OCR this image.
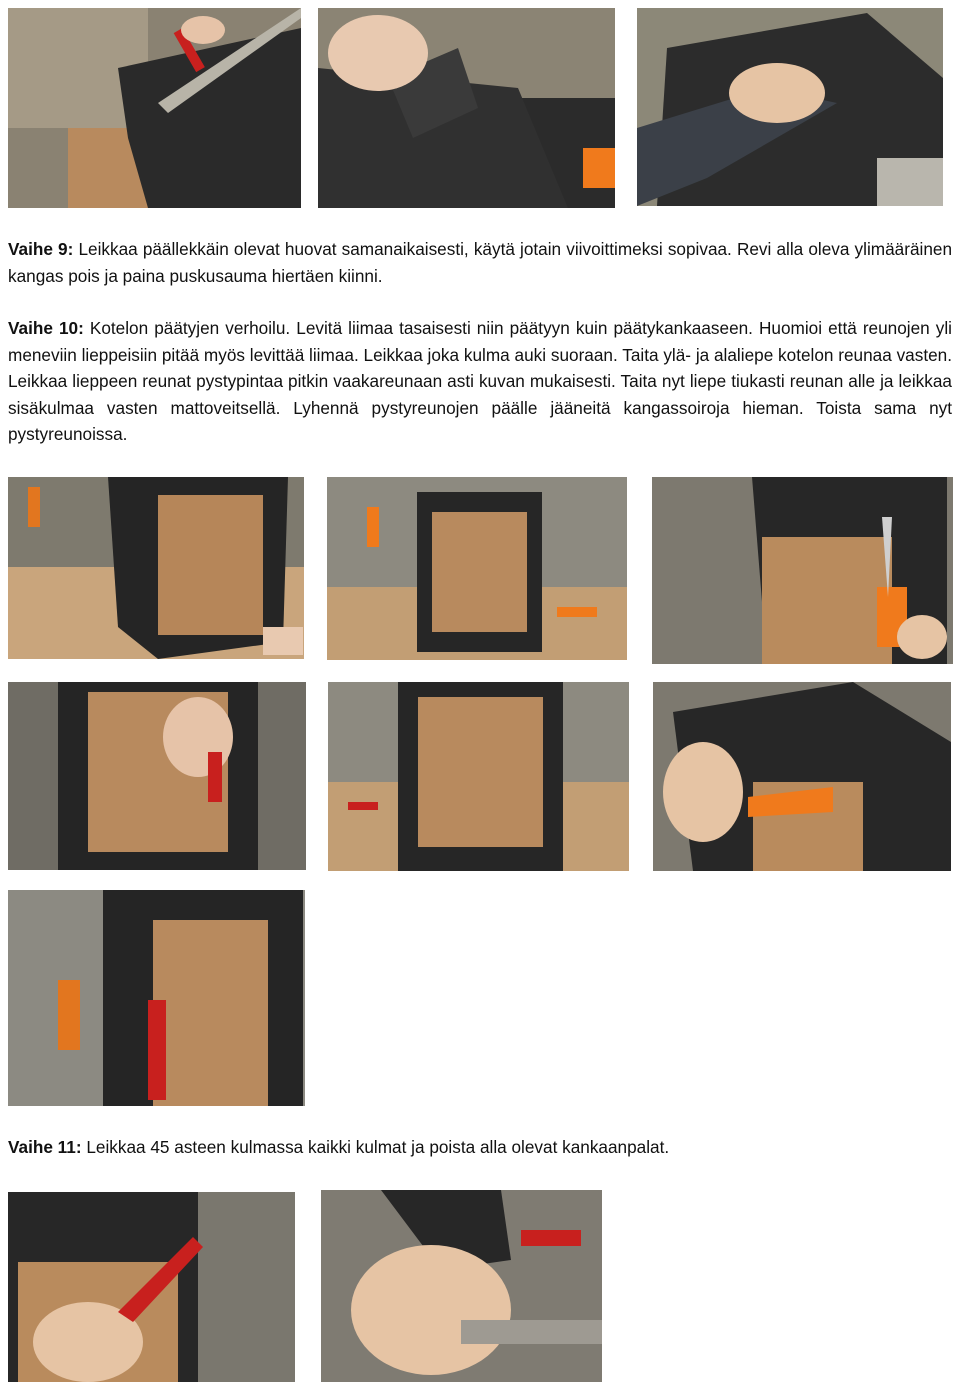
Vaihe 9: Leikkaa päällekkäin olevat huovat samanaikaisesti, käytä jotain viivoittimeksi sopivaa. Revi alla oleva ylimääräinen kangas pois ja paina puskusauma hiertäen kiinni.

Vaihe 10: Kotelon päätyjen verhoilu. Levitä liimaa tasaisesti niin päätyyn kuin päätykankaaseen. Huomioi että reunojen yli meneviin lieppeisiin pitää myös levittää liimaa. Leikkaa joka kulma auki suoraan. Taita ylä- ja alaliepe kotelon reunaa vasten. Leikkaa lieppeen reunat pystypintaa pitkin vaakareunaan asti kuvan mukaisesti. Taita nyt liepe tiukasti reunan alle ja leikkaa sisäkulmaa vasten mattoveitsellä. Lyhennä pystyreunojen päälle jääneitä kangassoiroja hieman. Toista sama nyt pystyreunoissa.

Vaihe 11: Leikkaa 45 asteen kulmassa kaikki kulmat ja poista alla olevat kankaanpalat.
